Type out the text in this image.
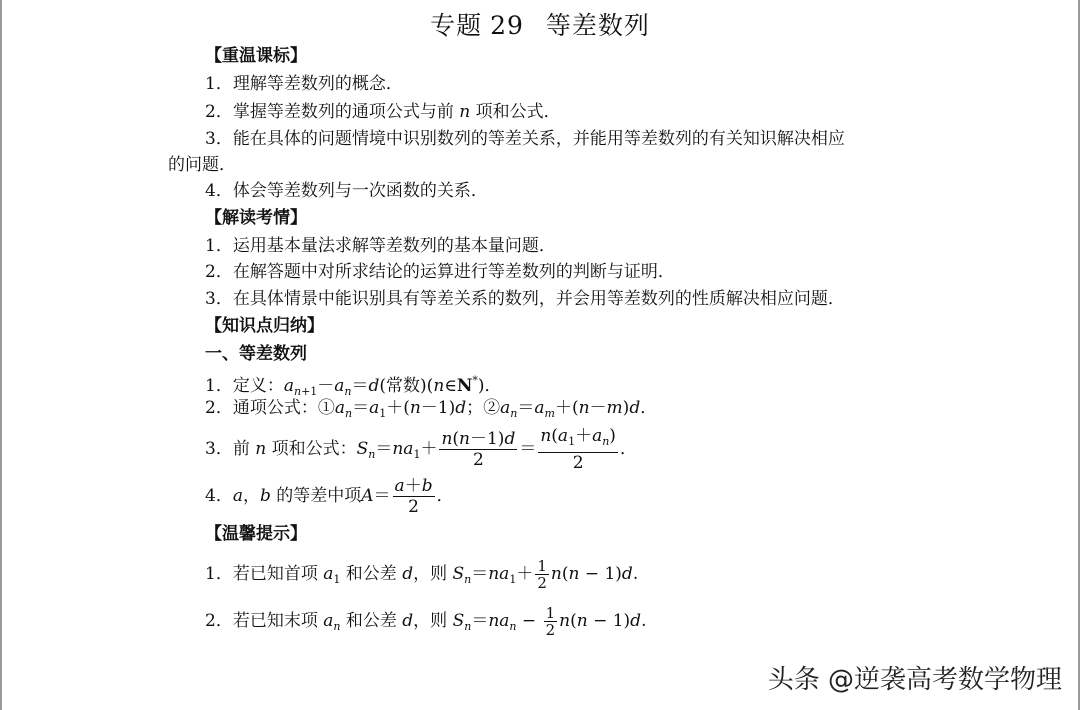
专题 29 等差数列
【重温课标】
1．理解等差数列的概念．
2．掌握等差数列的通项公式与前 n 项和公式．
3．能在具体的问题情境中识别数列的等差关系，并能用等差数列的有关知识解决相应
的问题．
4．体会等差数列与一次函数的关系．
【解读考情】
1．运用基本量法求解等差数列的基本量问题．
2．在解答题中对所求结论的运算进行等差数列的判断与证明．
3．在具体情景中能识别具有等差关系的数列，并会用等差数列的性质解决相应问题．
【知识点归纳】
一、等差数列
1．定义：$a_{n+1}-a_n=d$(常数)(n∈N*)．
2．通项公式：$①a_n=a_1+(n-1)d$；$②a_n=a_m+(n-m)d$．
3．前 n 项和公式：$S_n=na_1+ \frac{n(n-1)d}{2} = \frac{n(a_1+a_n)}{2}$ ．
4．a，b 的等差中项$A= \frac{a+b}{2}$ ．
【温馨提示】
1．若已知首项 $a_1$ 和公差 d，则 $S_n=na_1+ \frac{1}{2} n(n - 1)d$.
2．若已知末项 $a_n$ 和公差 d，则 $S_n=na_n - \frac{1}{2} n(n - 1)d$.
头条 @逆袭高考数学物理
